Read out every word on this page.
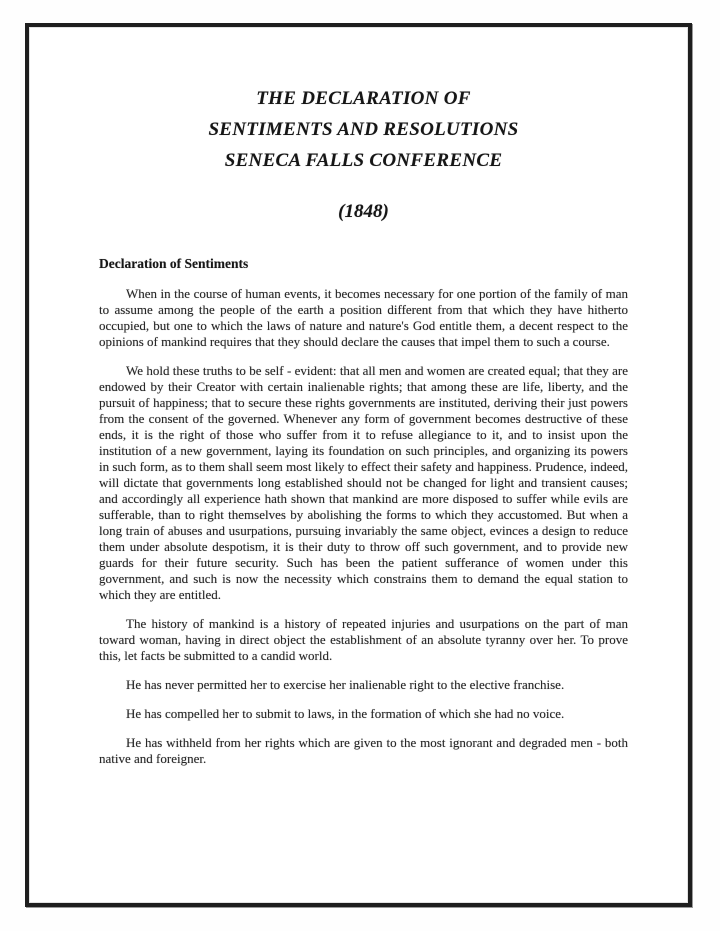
THE DECLARATION OF
SENTIMENTS AND RESOLUTIONS
SENECA FALLS CONFERENCE
(1848)
Declaration of Sentiments

When in the course of human events, it becomes necessary for one portion of the family of man to assume among the people of the earth a position different from that which they have hitherto occupied, but one to which the laws of nature and nature's God entitle them, a decent respect to the opinions of mankind requires that they should declare the causes that impel them to such a course.

We hold these truths to be self - evident: that all men and women are created equal; that they are endowed by their Creator with certain inalienable rights; that among these are life, liberty, and the pursuit of happiness; that to secure these rights governments are instituted, deriving their just powers from the consent of the governed. Whenever any form of government becomes destructive of these ends, it is the right of those who suffer from it to refuse allegiance to it, and to insist upon the institution of a new government, laying its foundation on such principles, and organizing its powers in such form, as to them shall seem most likely to effect their safety and happiness. Prudence, indeed, will dictate that governments long established should not be changed for light and transient causes; and accordingly all experience hath shown that mankind are more disposed to suffer while evils are sufferable, than to right themselves by abolishing the forms to which they accustomed. But when a long train of abuses and usurpations, pursuing invariably the same object, evinces a design to reduce them under absolute despotism, it is their duty to throw off such government, and to provide new guards for their future security. Such has been the patient sufferance of women under this government, and such is now the necessity which constrains them to demand the equal station to which they are entitled.

The history of mankind is a history of repeated injuries and usurpations on the part of man toward woman, having in direct object the establishment of an absolute tyranny over her. To prove this, let facts be submitted to a candid world.

He has never permitted her to exercise her inalienable right to the elective franchise.

He has compelled her to submit to laws, in the formation of which she had no voice.

He has withheld from her rights which are given to the most ignorant and degraded men - both native and foreigner.
